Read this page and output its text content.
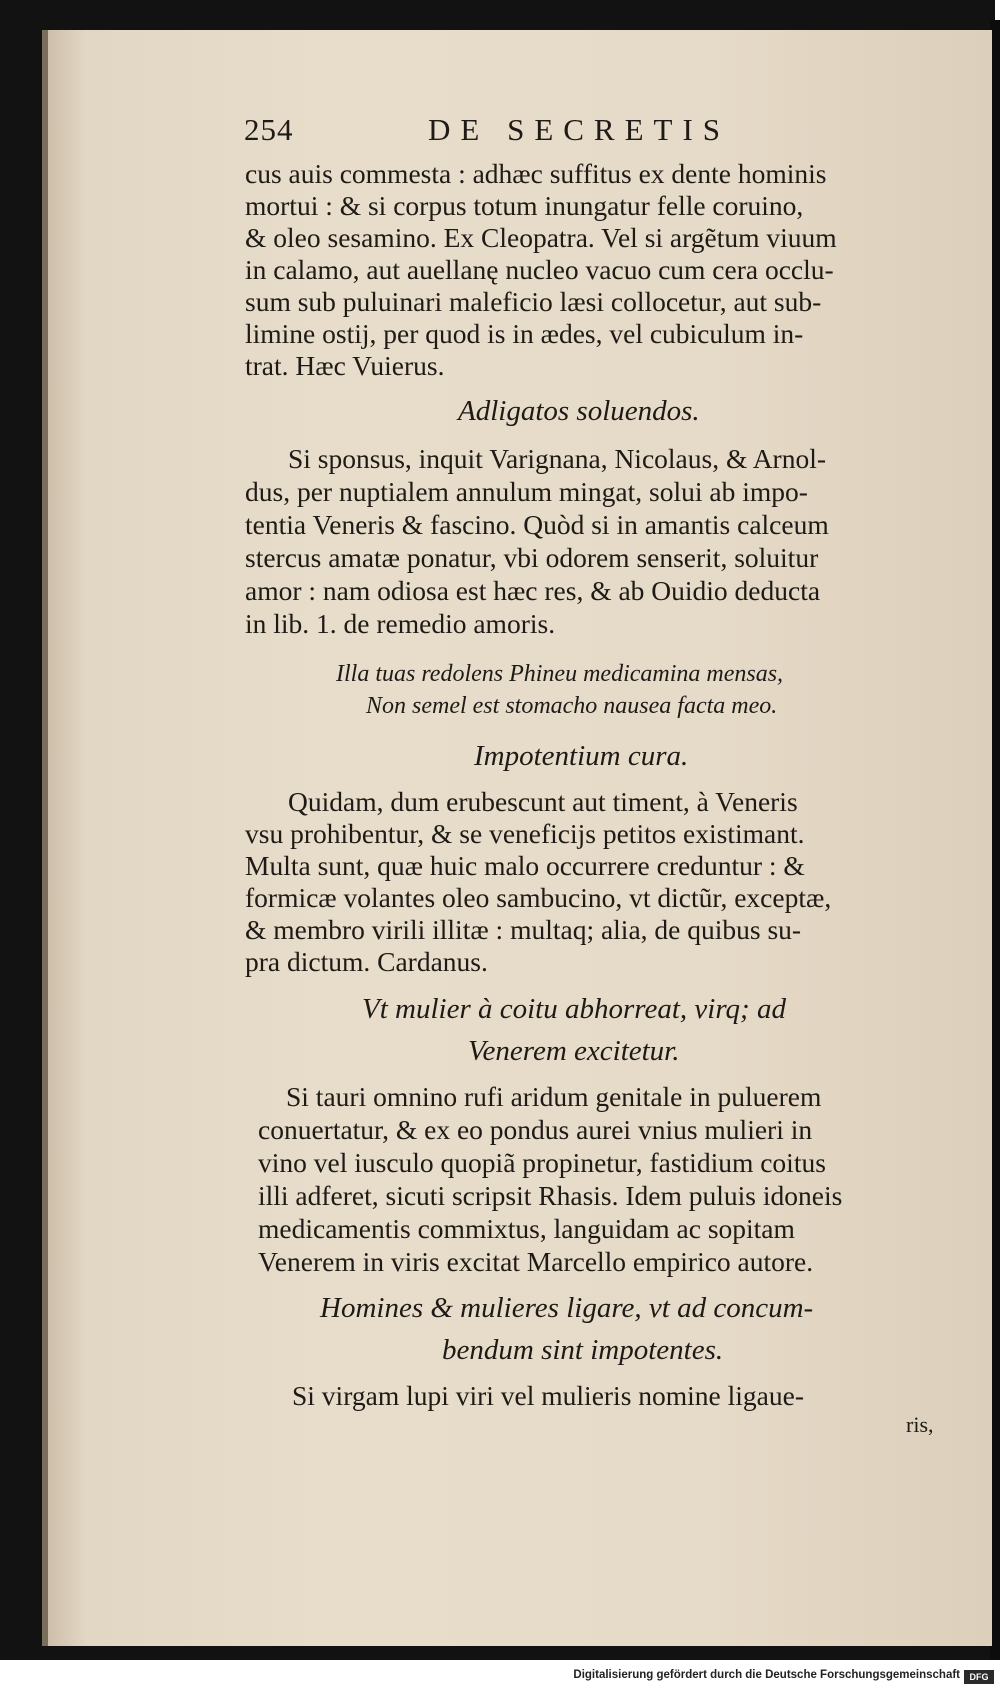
254	DE SECRETIS
cus auis commesta : adhæc suffitus ex dente hominis
mortui : & si corpus totum inungatur felle coruino,
& oleo sesamino. Ex Cleopatra. Vel si argẽtum viuum
in calamo, aut auellanę nucleo vacuo cum cera occlu-
sum sub puluinari maleficio læsi collocetur, aut sub-
limine ostij, per quod is in ædes, vel cubiculum in-
trat. Hæc Vuierus.
Adligatos soluendos.
Si sponsus, inquit Varignana, Nicolaus, & Arnol-
dus, per nuptialem annulum mingat, solui ab impo-
tentia Veneris & fascino. Quòd si in amantis calceum
stercus amatæ ponatur, vbi odorem senserit, soluitur
amor : nam odiosa est hæc res, & ab Ouidio deducta
in lib. 1. de remedio amoris.
Illa tuas redolens Phineu medicamina mensas,
Non semel est stomacho nausea facta meo.
Impotentium cura.
Quidam, dum erubescunt aut timent, à Veneris
vsu prohibentur, & se veneficijs petitos existimant.
Multa sunt, quæ huic malo occurrere creduntur : &
formicæ volantes oleo sambucino, vt dictũr, exceptæ,
& membro virili illitæ : multaq; alia, de quibus su-
pra dictum. Cardanus.
Vt mulier à coitu abhorreat, virq; ad
Venerem excitetur.
Si tauri omnino rufi aridum genitale in puluerem
conuertatur, & ex eo pondus aurei vnius mulieri in
vino vel iusculo quopiã propinetur, fastidium coitus
illi adferet, sicuti scripsit Rhasis. Idem puluis idoneis
medicamentis commixtus, languidam ac sopitam
Venerem in viris excitat Marcello empirico autore.
Homines & mulieres ligare, vt ad concum-
bendum sint impotentes.
Si virgam lupi viri vel mulieris nomine ligaue-
ris,
Digitalisierung gefördert durch die Deutsche Forschungsgemeinschaft	DFG
